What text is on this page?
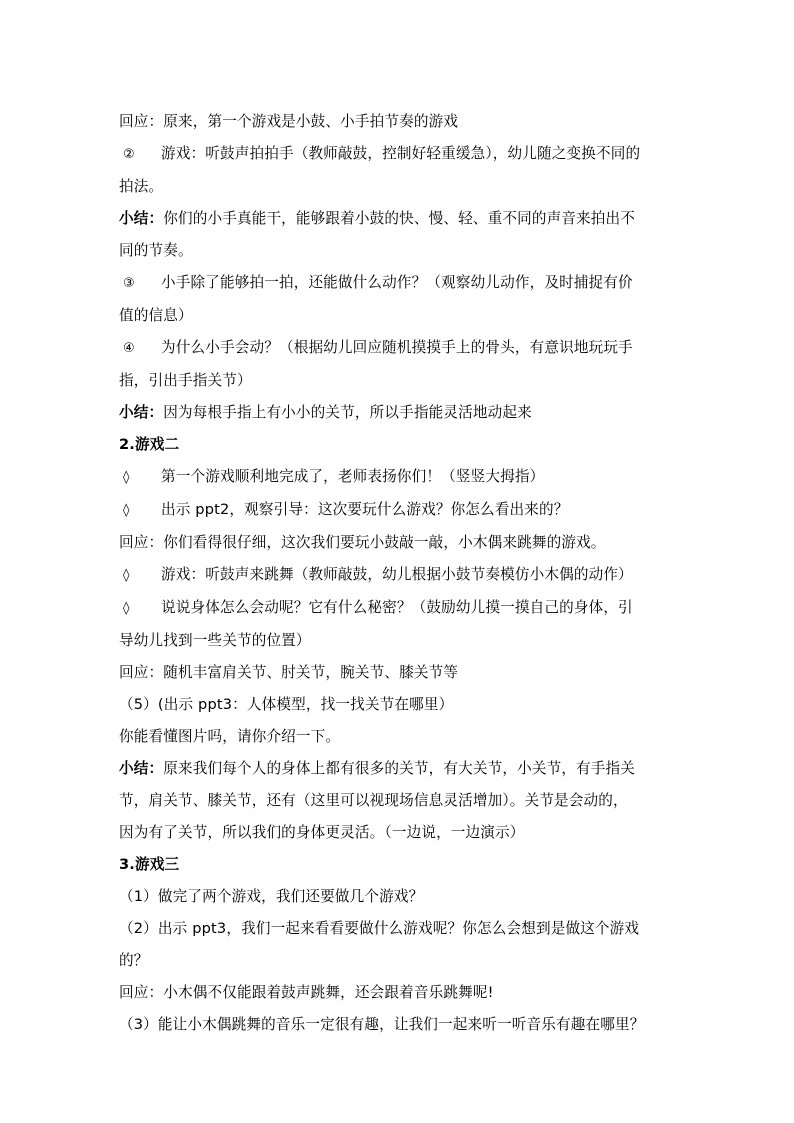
回应：原来，第一个游戏是小鼓、小手拍节奏的游戏
② 游戏：听鼓声拍拍手（教师敲鼓，控制好轻重缓急），幼儿随之变换不同的
拍法。
小结：你们的小手真能干，能够跟着小鼓的快、慢、轻、重不同的声音来拍出不
同的节奏。
③ 小手除了能够拍一拍，还能做什么动作？（观察幼儿动作，及时捕捉有价
值的信息）
④ 为什么小手会动？（根据幼儿回应随机摸摸手上的骨头，有意识地玩玩手
指，引出手指关节）
小结：因为每根手指上有小小的关节，所以手指能灵活地动起来
2.游戏二
◊ 第一个游戏顺利地完成了，老师表扬你们！（竖竖大拇指）
◊ 出示 ppt2，观察引导：这次要玩什么游戏？你怎么看出来的？
回应：你们看得很仔细，这次我们要玩小鼓敲一敲，小木偶来跳舞的游戏。
◊ 游戏：听鼓声来跳舞（教师敲鼓，幼儿根据小鼓节奏模仿小木偶的动作）
◊ 说说身体怎么会动呢？它有什么秘密？（鼓励幼儿摸一摸自己的身体，引
导幼儿找到一些关节的位置）
回应：随机丰富肩关节、肘关节，腕关节、膝关节等
（5）(出示 ppt3：人体模型，找一找关节在哪里）
你能看懂图片吗，请你介绍一下。
小结：原来我们每个人的身体上都有很多的关节，有大关节，小关节，有手指关
节，肩关节、膝关节，还有（这里可以视现场信息灵活增加）。关节是会动的，
因为有了关节，所以我们的身体更灵活。（一边说，一边演示）
3.游戏三
（1）做完了两个游戏，我们还要做几个游戏？
（2）出示 ppt3，我们一起来看看要做什么游戏呢？你怎么会想到是做这个游戏
的？
回应：小木偶不仅能跟着鼓声跳舞，还会跟着音乐跳舞呢!
（3）能让小木偶跳舞的音乐一定很有趣，让我们一起来听一听音乐有趣在哪里？
